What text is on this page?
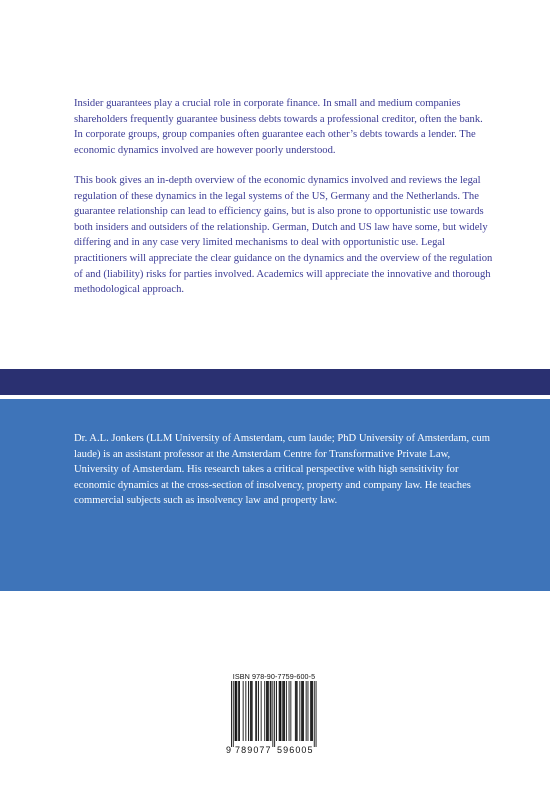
Insider guarantees play a crucial role in corporate finance. In small and medium companies shareholders frequently guarantee business debts towards a professional creditor, often the bank. In corporate groups, group companies often guarantee each other’s debts towards a lender. The economic dynamics involved are however poorly understood.

This book gives an in-depth overview of the economic dynamics involved and reviews the legal regulation of these dynamics in the legal systems of the US, Germany and the Netherlands. The guarantee relationship can lead to efficiency gains, but is also prone to opportunistic use towards both insiders and outsiders of the relationship. German, Dutch and US law have some, but widely differing and in any case very limited mechanisms to deal with opportunistic use. Legal practitioners will appreciate the clear guidance on the dynamics and the overview of the regulation of and (liability) risks for parties involved. Academics will appreciate the innovative and thorough methodological approach.

Dr. A.L. Jonkers (LLM University of Amsterdam, cum laude; PhD University of Amsterdam, cum laude) is an assistant professor at the Amsterdam Centre for Transformative Private Law, University of Amsterdam. His research takes a critical perspective with high sensitivity for economic dynamics at the cross-section of insolvency, property and company law. He teaches commercial subjects such as insolvency law and property law.

ISBN 978-90-7759-600-5
9 789077 596005
